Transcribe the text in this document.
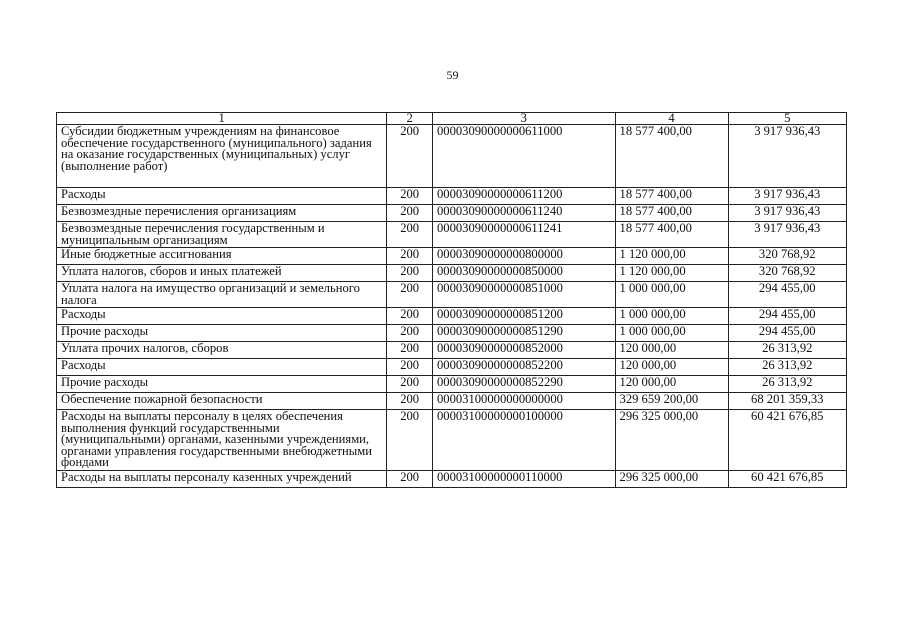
59
1	2	3	4	5
Субсидии бюджетным учреждениям на финансовое обеспечение государственного (муниципального) задания на оказание государственных (муниципальных) услуг (выполнение работ)	200	00003090000000611000	18 577 400,00	3 917 936,43
Расходы	200	00003090000000611200	18 577 400,00	3 917 936,43
Безвозмездные перечисления организациям	200	00003090000000611240	18 577 400,00	3 917 936,43
Безвозмездные перечисления государственным и муниципальным организациям	200	00003090000000611241	18 577 400,00	3 917 936,43
Иные бюджетные ассигнования	200	00003090000000800000	1 120 000,00	320 768,92
Уплата налогов, сборов и иных платежей	200	00003090000000850000	1 120 000,00	320 768,92
Уплата налога на имущество организаций и земельного налога	200	00003090000000851000	1 000 000,00	294 455,00
Расходы	200	00003090000000851200	1 000 000,00	294 455,00
Прочие расходы	200	00003090000000851290	1 000 000,00	294 455,00
Уплата прочих налогов, сборов	200	00003090000000852000	120 000,00	26 313,92
Расходы	200	00003090000000852200	120 000,00	26 313,92
Прочие расходы	200	00003090000000852290	120 000,00	26 313,92
Обеспечение пожарной безопасности	200	00003100000000000000	329 659 200,00	68 201 359,33
Расходы на выплаты персоналу в целях обеспечения выполнения функций государственными (муниципальными) органами, казенными учреждениями, органами управления государственными внебюджетными фондами	200	00003100000000100000	296 325 000,00	60 421 676,85
Расходы на выплаты персоналу казенных учреждений	200	00003100000000110000	296 325 000,00	60 421 676,85
